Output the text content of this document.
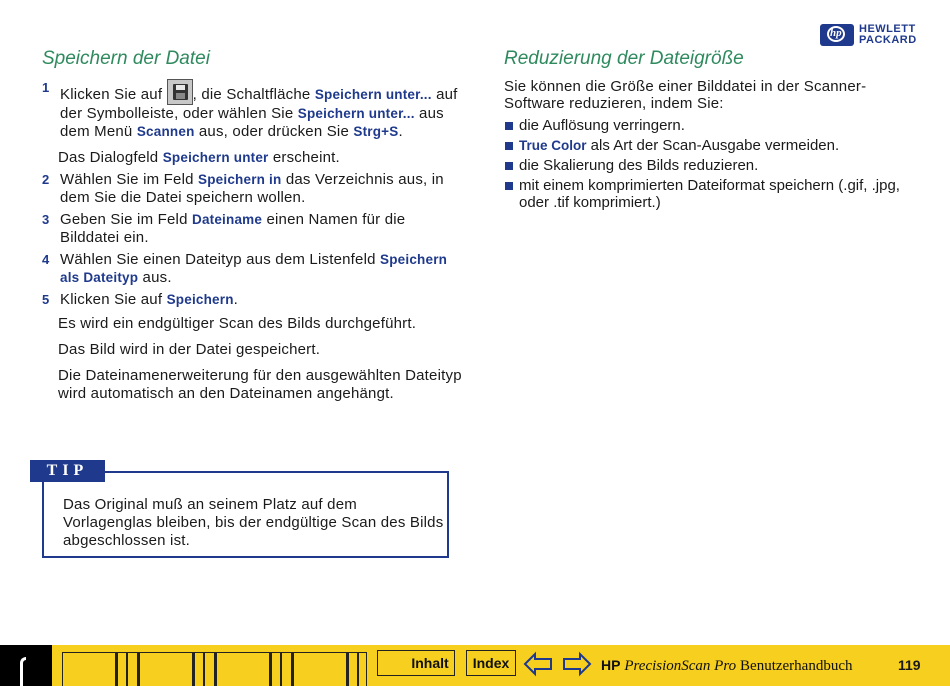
hp HEWLETT
PACKARD
Speichern der Datei
1 Klicken Sie auf
, die Schaltfläche Speichern unter... auf der Symbolleiste, oder wählen Sie Speichern unter... aus dem Menü Scannen aus, oder drücken Sie Strg+S.
Das Dialogfeld Speichern unter erscheint.
2 Wählen Sie im Feld Speichern in das Verzeichnis aus, in dem Sie die Datei speichern wollen.
3 Geben Sie im Feld Dateiname einen Namen für die Bilddatei ein.
4 Wählen Sie einen Dateityp aus dem Listenfeld Speichern als Dateityp aus.
5 Klicken Sie auf Speichern.
Es wird ein endgültiger Scan des Bilds durchgeführt.
Das Bild wird in der Datei gespeichert.
Die Dateinamenerweiterung für den ausgewählten Dateityp wird automatisch an den Dateinamen angehängt.
TIP
Das Original muß an seinem Platz auf dem Vorlagenglas bleiben, bis der endgültige Scan des Bilds abgeschlossen ist.
Reduzierung der Dateigröße
Sie können die Größe einer Bilddatei in der Scanner-Software reduzieren, indem Sie:
die Auflösung verringern.
True Color als Art der Scan-Ausgabe vermeiden.
die Skalierung des Bilds reduzieren.
mit einem komprimierten Dateiformat speichern (.gif, .jpg, oder .tif komprimiert.)
Inhalt	Index	HP PrecisionScan Pro Benutzerhandbuch	119
